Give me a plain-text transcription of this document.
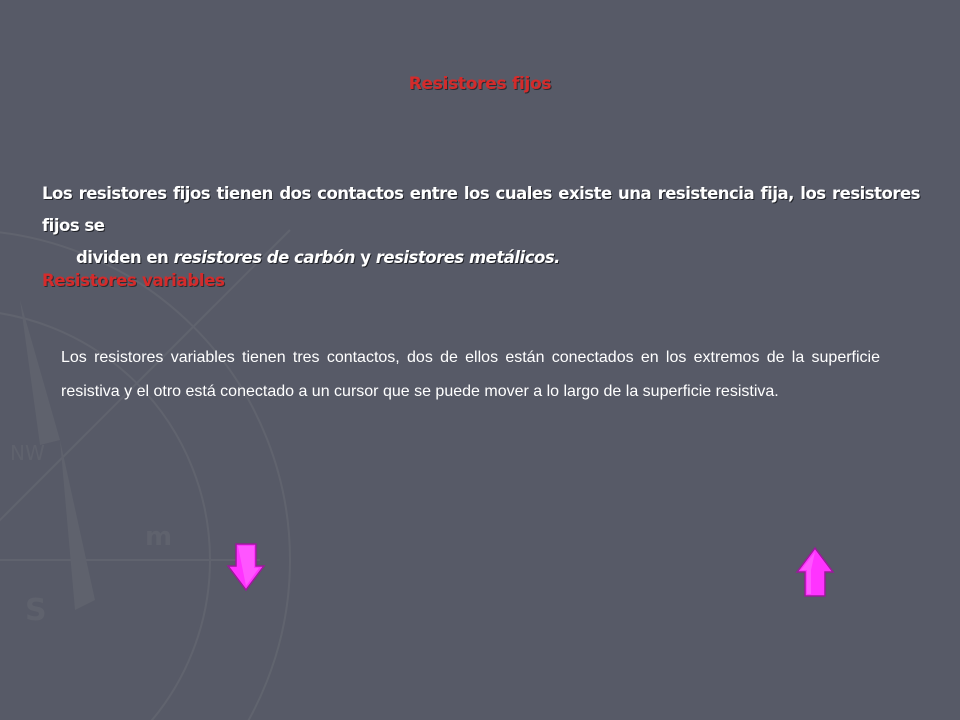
S
m
NW
Resistores fijos
Los resistores fijos tienen dos contactos entre los cuales existe una resistencia fija, los resistores fijos se
dividen en resistores de carbón y resistores metálicos.
Resistores variables
Los resistores variables tienen tres contactos, dos de ellos están conectados en los extremos de la superficie resistiva y el otro está conectado a un cursor que se puede mover a lo largo de la superficie resistiva.
